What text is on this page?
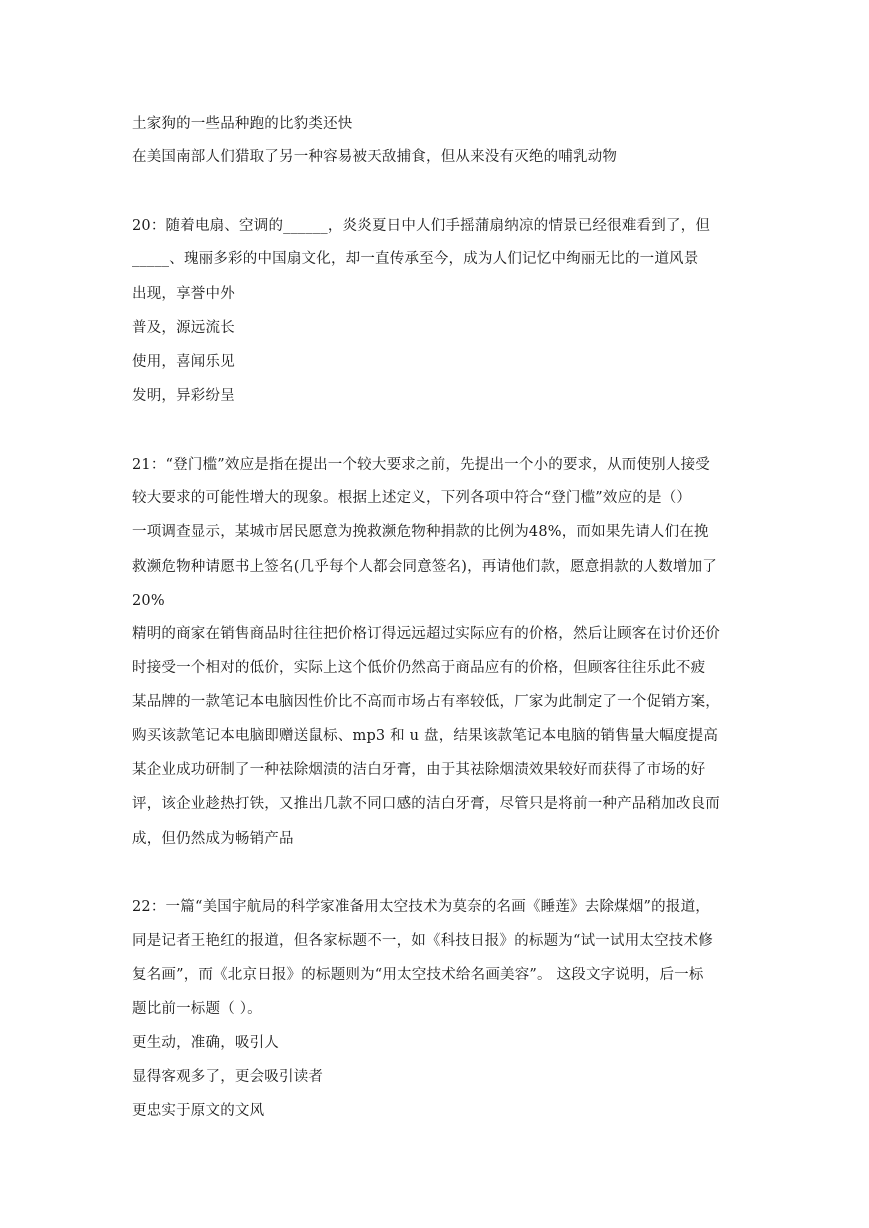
土家狗的一些品种跑的比豹类还快
在美国南部人们猎取了另一种容易被天敌捕食，但从来没有灭绝的哺乳动物
20：随着电扇、空调的______，炎炎夏日中人们手摇蒲扇纳凉的情景已经很难看到了，但
_____、瑰丽多彩的中国扇文化，却一直传承至今，成为人们记忆中绚丽无比的一道风景
出现，享誉中外
普及，源远流长
使用，喜闻乐见
发明，异彩纷呈
21：“登门槛”效应是指在提出一个较大要求之前，先提出一个小的要求，从而使别人接受
较大要求的可能性增大的现象。根据上述定义，下列各项中符合“登门槛”效应的是（）
一项调查显示，某城市居民愿意为挽救濒危物种捐款的比例为48%，而如果先请人们在挽
救濒危物种请愿书上签名(几乎每个人都会同意签名)，再请他们款，愿意捐款的人数增加了
20%
精明的商家在销售商品时往往把价格订得远远超过实际应有的价格，然后让顾客在讨价还价
时接受一个相对的低价，实际上这个低价仍然高于商品应有的价格，但顾客往往乐此不疲
某品牌的一款笔记本电脑因性价比不高而市场占有率较低，厂家为此制定了一个促销方案，
购买该款笔记本电脑即赠送鼠标、mp3 和 u 盘，结果该款笔记本电脑的销售量大幅度提高
某企业成功研制了一种祛除烟渍的洁白牙膏，由于其祛除烟渍效果较好而获得了市场的好
评，该企业趁热打铁，又推出几款不同口感的洁白牙膏，尽管只是将前一种产品稍加改良而
成，但仍然成为畅销产品
22：一篇“美国宇航局的科学家准备用太空技术为莫奈的名画《睡莲》去除煤烟”的报道，
同是记者王艳红的报道，但各家标题不一，如《科技日报》的标题为“试一试用太空技术修
复名画”，而《北京日报》的标题则为“用太空技术给名画美容”。 这段文字说明，后一标
题比前一标题（ ）。
更生动，准确，吸引人
显得客观多了，更会吸引读者
更忠实于原文的文风
